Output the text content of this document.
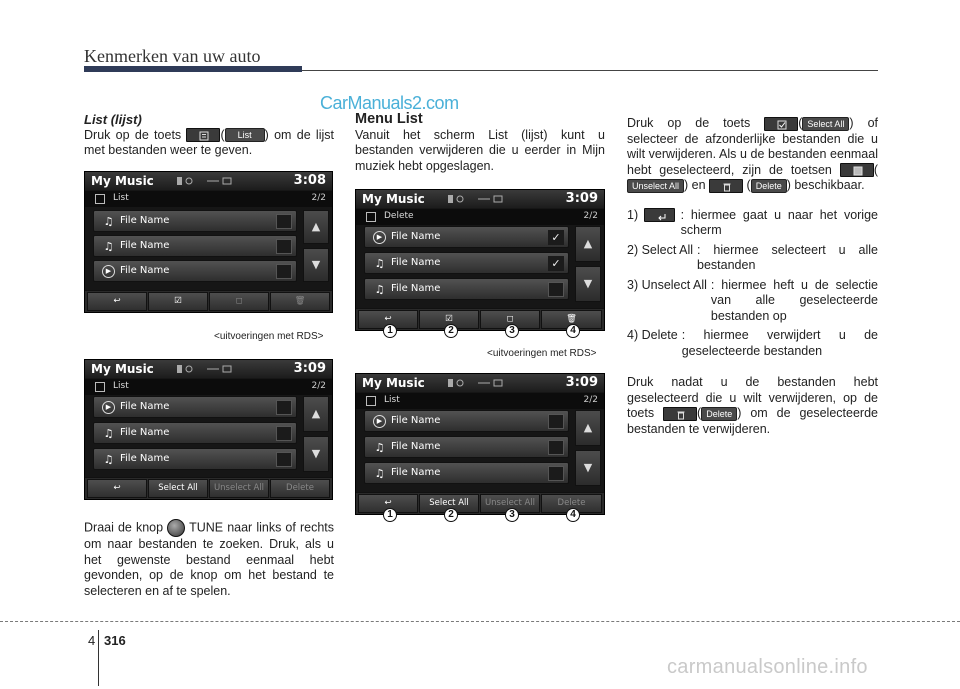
Kenmerken van uw auto
CarManuals2.com

List (lijst)

Druk op de toets	( List ) om de lijst met bestanden weer te geven.

My Music	3:08
List	2/2
♫ File Name
♫ File Name
▶ File Name
▲
▼
↩	☑	◻	🗑
<uitvoeringen met RDS>
My Music	3:09
List	2/2
▶ File Name
♫ File Name
♫ File Name
▲
▼
↩	Select All	Unselect All	Delete

Draai de knop TUNE naar links of rechts om naar bestanden te zoeken. Druk, als u het gewenste bestand eenmaal hebt gevonden, op de knop om het bestand te selecteren en af te spelen.

Menu List

Vanuit het scherm List (lijst) kunt u bestanden verwijderen die u eerder in Mijn muziek hebt opgeslagen.

My Music	3:09
Delete	2/2
▶ File Name	✓
♫ File Name	✓
♫ File Name
▲
▼
↩	☑	◻	🗑
1	2	3	4
<uitvoeringen met RDS>
My Music	3:09
List	2/2
▶ File Name
♫ File Name
♫ File Name
▲
▼
↩	Select All	Unselect All	Delete
1	2	3	4

Druk op de toets	( Select All ) of selecteer de afzonderlijke bestanden die u wilt verwijderen. Als u de bestanden eenmaal hebt geselecteerd, zijn de toetsen	(Unselect All ) en	( Delete ) beschikbaar.

1)	: hiermee gaat u naar het vorige scherm
2) Select All : hiermee selecteert u alle bestanden
3) Unselect All : hiermee heft u de selectie van alle geselecteerde bestanden op
4) Delete : hiermee verwijdert u de geselecteerde bestanden

Druk nadat u de bestanden hebt geselecteerd die u wilt verwijderen, op de toets	( Delete ) om de geselecteerde bestanden te verwijderen.

4 316
carmanualsonline.info
